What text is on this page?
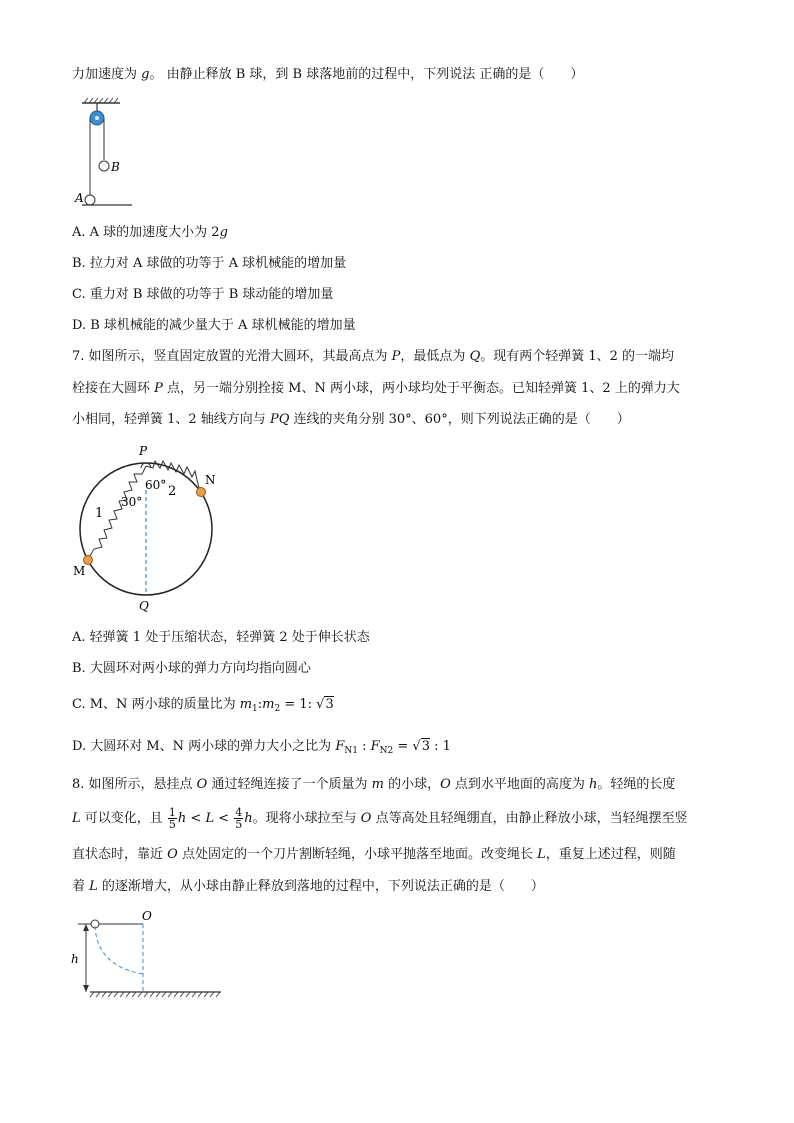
力加速度为 g。 由静止释放 B 球，到 B 球落地前的过程中，下列说法 正确的是（　　）
B
A
A. A 球的加速度大小为 2g
B. 拉力对 A 球做的功等于 A 球机械能的增加量
C. 重力对 B 球做的功等于 B 球动能的增加量
D. B 球机械能的减少量大于 A 球机械能的增加量
7. 如图所示，竖直固定放置的光滑大圆环，其最高点为 P，最低点为 Q。现有两个轻弹簧 1、2 的一端均
栓接在大圆环 P 点，另一端分别拴接 M、N 两小球，两小球均处于平衡态。已知轻弹簧 1、2 上的弹力大
小相同，轻弹簧 1、2 轴线方向与 PQ 连线的夹角分别 30°、60°，则下列说法正确的是（　　）
P
Q
M
N
1
2
30°
60°
A. 轻弹簧 1 处于压缩状态，轻弹簧 2 处于伸长状态
B. 大圆环对两小球的弹力方向均指向圆心
C. M、N 两小球的质量比为 $m_1:m_2 = 1$: √3
D. 大圆环对 M、N 两小球的弹力大小之比为 $F_{N1}$ : $F_{N2} = √3$ : 1
8. 如图所示，悬挂点 O 通过轻绳连接了一个质量为 m 的小球，O 点到水平地面的高度为 h。轻绳的长度
L 可以变化，且 $\frac{1}{5}$ $h < L < \frac{4}{5}$ h。现将小球拉至与 O 点等高处且轻绳绷直，由静止释放小球，当轻绳摆至竖
直状态时，靠近 O 点处固定的一个刀片割断轻绳，小球平抛落至地面。改变绳长 L，重复上述过程，则随
着 L 的逐渐增大，从小球由静止释放到落地的过程中，下列说法正确的是（　　）
h
O
